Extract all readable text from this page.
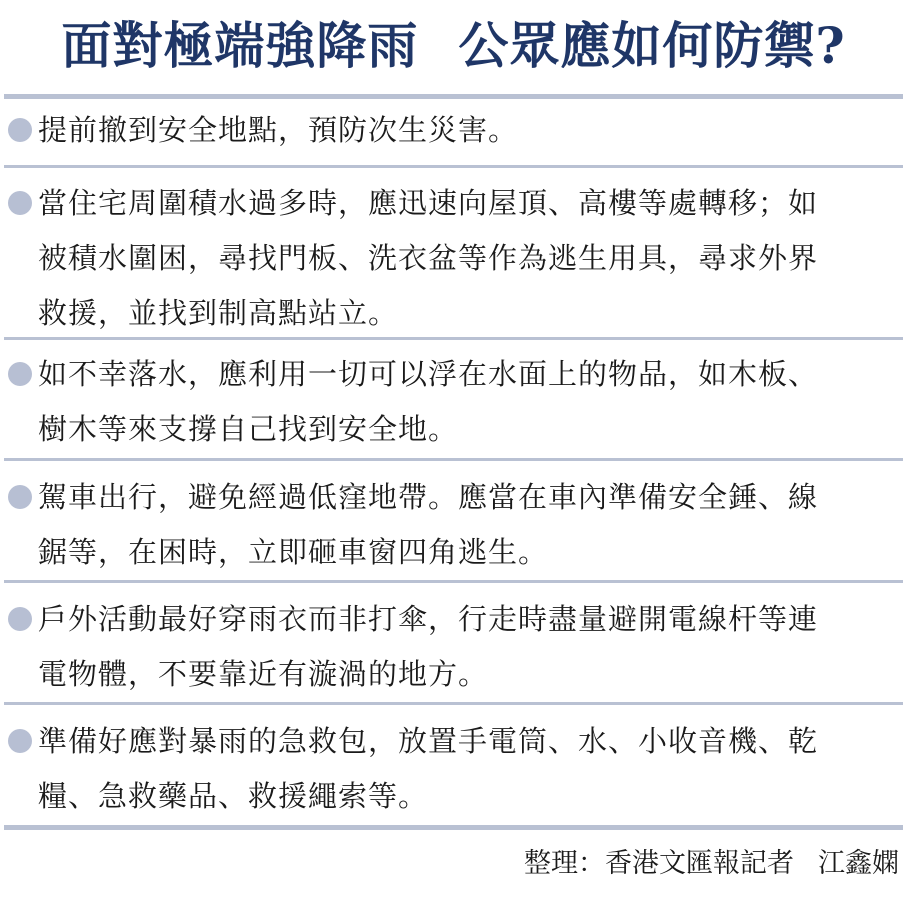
面對極端強降雨 公眾應如何防禦?
提前撤到安全地點，預防次生災害。
當住宅周圍積水過多時，應迅速向屋頂、高樓等處轉移；如
被積水圍困，尋找門板、洗衣盆等作為逃生用具，尋求外界
救援，並找到制高點站立。
如不幸落水，應利用一切可以浮在水面上的物品，如木板、
樹木等來支撐自己找到安全地。
駕車出行，避免經過低窪地帶。應當在車內準備安全錘、線
鋸等，在困時，立即砸車窗四角逃生。
戶外活動最好穿雨衣而非打傘，行走時盡量避開電線杆等連
電物體，不要靠近有漩渦的地方。
準備好應對暴雨的急救包，放置手電筒、水、小收音機、乾
糧、急救藥品、救援繩索等。
整理：香港文匯報記者 江鑫嫻
